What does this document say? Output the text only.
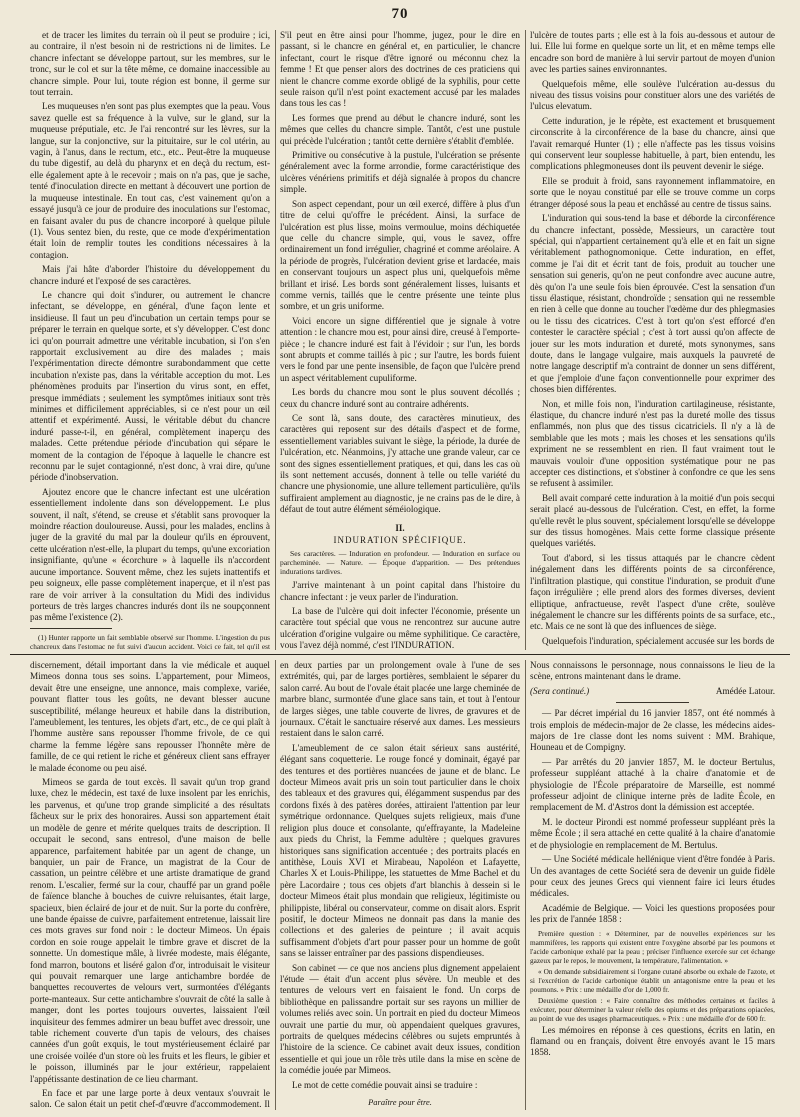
70

et de tracer les limites du terrain où il peut se produire ; ici, au contraire, il n'est besoin ni de restrictions ni de limites. Le chancre infectant se développe partout, sur les membres, sur le tronc, sur le col et sur la tête même, ce domaine inaccessible au chancre simple. Pour lui, toute région est bonne, il germe sur tout terrain.

Les muqueuses n'en sont pas plus exemptes que la peau. Vous savez quelle est sa fréquence à la vulve, sur le gland, sur la muqueuse préputiale, etc. Je l'ai rencontré sur les lèvres, sur la langue, sur la conjonctive, sur la pituitaire, sur le col utérin, au vagin, à l'anus, dans le rectum, etc., etc.. Peut-être la muqueuse du tube digestif, au delà du pharynx et en deçà du rectum, est-elle également apte à le recevoir ; mais on n'a pas, que je sache, tenté d'inoculation directe en mettant à découvert une portion de la muqueuse intestinale. En tout cas, c'est vainement qu'on a essayé jusqu'à ce jour de produire des inoculations sur l'estomac, en faisant avaler du pus de chancre incorporé à quelque pilule (1). Vous sentez bien, du reste, que ce mode d'expérimentation était loin de remplir toutes les conditions nécessaires à la contagion.

Mais j'ai hâte d'aborder l'histoire du développement du chancre induré et l'exposé de ses caractères.

Le chancre qui doit s'indurer, ou autrement le chancre infectant, se développe, en général, d'une façon lente et insidieuse. Il faut un peu d'incubation un certain temps pour se préparer le terrain en quelque sorte, et s'y développer. C'est donc ici qu'on pourrait admettre une véritable incubation, si l'on s'en rapportait exclusivement au dire des malades ; mais l'expérimentation directe démontre surabondamment que cette incubation n'existe pas, dans la véritable acception du mot. Les phénomènes produits par l'insertion du virus sont, en effet, presque immédiats ; seulement les symptômes initiaux sont très minimes et difficilement appréciables, si ce n'est pour un œil attentif et expérimenté. Aussi, le véritable début du chancre induré passe-t-il, en général, complètement inaperçu des malades. Cette prétendue période d'incubation qui sépare le moment de la contagion de l'époque à laquelle le chancre est reconnu par le sujet contagionné, n'est donc, à vrai dire, qu'une période d'inobservation.

Ajoutez encore que le chancre infectant est une ulcération essentiellement indolente dans son développement. Le plus souvent, il naît, s'étend, se creuse et s'établit sans provoquer la moindre réaction douloureuse. Aussi, pour les malades, enclins à juger de la gravité du mal par la douleur qu'ils en éprouvent, cette ulcération n'est-elle, la plupart du temps, qu'une excoriation insignifiante, qu'une « écorchure » à laquelle ils n'accordent aucune importance. Souvent même, chez les sujets inattentifs et peu soigneux, elle passe complètement inaperçue, et il n'est pas rare de voir arriver à la consultation du Midi des individus porteurs de très larges chancres indurés dont ils ne soupçonnent pas même l'existence (2).

(1) Hunter rapporte un fait semblable observé sur l'homme. L'ingestion du pus chancreux dans l'estomac ne fut suivi d'aucun accident. Voici ce fait, tel qu'il est

S'il peut en être ainsi pour l'homme, jugez, pour le dire en passant, si le chancre en général et, en particulier, le chancre infectant, court le risque d'être ignoré ou méconnu chez la femme ! Et que penser alors des doctrines de ces praticiens qui nient le chancre comme exorde obligé de la syphilis, pour cette seule raison qu'il n'est point exactement accusé par les malades dans tous les cas !

Les formes que prend au début le chancre induré, sont les mêmes que celles du chancre simple. Tantôt, c'est une pustule qui précède l'ulcération ; tantôt cette dernière s'établit d'emblée.

Primitive ou consécutive à la pustule, l'ulcération se présente généralement avec la forme arrondie, forme caractéristique des ulcères vénériens primitifs et déjà signalée à propos du chancre simple.

Son aspect cependant, pour un œil exercé, diffère à plus d'un titre de celui qu'offre le précédent. Ainsi, la surface de l'ulcération est plus lisse, moins vermoulue, moins déchiquetée que celle du chancre simple, qui, vous le savez, offre ordinairement un fond irrégulier, chagriné et comme aréolaire. A la période de progrès, l'ulcération devient grise et lardacée, mais en conservant toujours un aspect plus uni, quelquefois même brillant et irisé. Les bords sont généralement lisses, luisants et comme vernis, taillés que le centre présente une teinte plus sombre, et un gris uniforme.

Voici encore un signe différentiel que je signale à votre attention : le chancre mou est, pour ainsi dire, creusé à l'emporte-pièce ; le chancre induré est fait à l'évidoir ; sur l'un, les bords sont abrupts et comme taillés à pic ; sur l'autre, les bords fuient vers le fond par une pente insensible, de façon que l'ulcère prend un aspect véritablement cupuliforme.

Les bords du chancre mou sont le plus souvent décollés ; ceux du chancre induré sont au contraire adhérents.

Ce sont là, sans doute, des caractères minutieux, des caractères qui reposent sur des détails d'aspect et de forme, essentiellement variables suivant le siège, la période, la durée de l'ulcération, etc. Néanmoins, j'y attache une grande valeur, car ce sont des signes essentiellement pratiques, et qui, dans les cas où ils sont nettement accusés, donnent à telle ou telle variété du chancre une physionomie, une allure tellement particulière, qu'ils suffiraient amplement au diagnostic, je ne crains pas de le dire, à défaut de tout autre élément séméiologique.

II.
INDURATION SPÉCIFIQUE.

Ses caractères. — Induration en profondeur. — Induration en surface ou parcheminée. — Nature. — Époque d'apparition. — Des prétendues indurations tardives.

J'arrive maintenant à un point capital dans l'histoire du chancre infectant : je veux parler de l'induration.

La base de l'ulcère qui doit infecter l'économie, présente un caractère tout spécial que vous ne rencontrez sur aucune autre ulcération d'origine vulgaire ou même syphilitique. Ce caractère, vous l'avez déjà nommé, c'est l'INDURATION.

l'ulcère de toutes parts ; elle est à la fois au-dessous et autour de lui. Elle lui forme en quelque sorte un lit, et en même temps elle encadre son bord de manière à lui servir partout de moyen d'union avec les parties saines environnantes.

Quelquefois même, elle soulève l'ulcération au-dessus du niveau des tissus voisins pour constituer alors une des variétés de l'ulcus elevatum.

Cette induration, je le répète, est exactement et brusquement circonscrite à la circonférence de la base du chancre, ainsi que l'avait remarqué Hunter (1) ; elle n'affecte pas les tissus voisins qui conservent leur souplesse habituelle, à part, bien entendu, les complications phlegmoneuses dont ils peuvent devenir le siége.

Elle se produit à froid, sans rayonnement inflammatoire, en sorte que le noyau constitué par elle se trouve comme un corps étranger déposé sous la peau et enchâssé au centre de tissus sains.

L'induration qui sous-tend la base et déborde la circonférence du chancre infectant, possède, Messieurs, un caractère tout spécial, qui n'appartient certainement qu'à elle et en fait un signe véritablement pathognomonique. Cette induration, en effet, comme je l'ai dit et écrit tant de fois, produit au toucher une sensation sui generis, qu'on ne peut confondre avec aucune autre, dès qu'on l'a une seule fois bien éprouvée. C'est la sensation d'un tissu élastique, résistant, chondroïde ; sensation qui ne ressemble en rien à celle que donne au toucher l'œdème dur des phlegmasies ou le tissu des cicatrices. C'est à tort qu'on s'est efforcé d'en contester le caractère spécial ; c'est à tort aussi qu'on affecte de jouer sur les mots induration et dureté, mots synonymes, sans doute, dans le langage vulgaire, mais auxquels la pauvreté de notre langage descriptif m'a contraint de donner un sens différent, et que j'emploie d'une façon conventionnelle pour exprimer des choses bien différentes.

Non, et mille fois non, l'induration cartilagineuse, résistante, élastique, du chancre induré n'est pas la dureté molle des tissus enflammés, non plus que des tissus cicatriciels. Il n'y a là de semblable que les mots ; mais les choses et les sensations qu'ils expriment ne se ressemblent en rien. Il faut vraiment tout le mauvais vouloir d'une opposition systématique pour ne pas accepter ces distinctions, et s'obstiner à confondre ce que les sens se refusent à assimiler.

Bell avait comparé cette induration à la moitié d'un pois secqui serait placé au-dessous de l'ulcération. C'est, en effet, la forme qu'elle revêt le plus souvent, spécialement lorsqu'elle se développe sur des tissus homogènes. Mais cette forme classique présente quelques variétés.

Tout d'abord, si les tissus attaqués par le chancre cèdent inégalement dans les différents points de sa circonférence, l'infiltration plastique, qui constitue l'induration, se produit d'une façon irrégulière ; elle prend alors des formes diverses, devient elliptique, anfractueuse, revêt l'aspect d'une crête, soulève inégalement le chancre sur les différents points de sa surface, etc., etc. Mais ce ne sont là que des influences de siège.

Quelquefois l'induration, spécialement accusée sur les bords de

discernement, détail important dans la vie médicale et auquel Mimeos donna tous ses soins. L'appartement, pour Mimeos, devait être une enseigne, une annonce, mais complexe, variée, pouvant flatter tous les goûts, ne devant blesser aucune susceptibilité, mélange heureux et habile dans la distribution, l'ameublement, les tentures, les objets d'art, etc., de ce qui plaît à l'homme austère sans repousser l'homme frivole, de ce qui charme la femme légère sans repousser l'honnête mère de famille, de ce qui retient le riche et généreux client sans effrayer le malade économe ou peu aisé.

Mimeos se garda de tout excès. Il savait qu'un trop grand luxe, chez le médecin, est taxé de luxe insolent par les enrichis, les parvenus, et qu'une trop grande simplicité a des résultats fâcheux sur le prix des honoraires. Aussi son appartement était un modèle de genre et mérite quelques traits de description. Il occupait le second, sans entresol, d'une maison de belle apparence, parfaitement habitée par un agent de change, un banquier, un pair de France, un magistrat de la Cour de cassation, un peintre célèbre et une artiste dramatique de grand renom. L'escalier, fermé sur la cour, chauffé par un grand poêle de faïence blanche à bouches de cuivre reluisantes, était large, spacieux, bien éclairé de jour et de nuit. Sur la porte du confrère, une bande épaisse de cuivre, parfaitement entretenue, laissait lire ces mots graves sur fond noir : le docteur Mimeos. Un épais cordon en soie rouge appelait le timbre grave et discret de la sonnette. Un domestique mâle, à livrée modeste, mais élégante, fond marron, boutons et liséré galon d'or, introduisait le visiteur qui pouvait remarquer une large antichambre bordée de banquettes recouvertes de velours vert, surmontées d'élégants porte-manteaux. Sur cette antichambre s'ouvrait de côté la salle à manger, dont les portes toujours ouvertes, laissaient l'œil inquisiteur des femmes admirer un beau buffet avec dressoir, une table richement couverte d'un tapis de velours, des chaises cannées d'un goût exquis, le tout mystérieusement éclairé par une croisée voilée d'un store où les fruits et les fleurs, le gibier et le poisson, illuminés par le jour extérieur, rappelaient l'appétissante destination de ce lieu charmant.

En face et par une large porte à deux ventaux s'ouvrait le salon. Ce salon était un petit chef-d'œuvre d'accommodement. Il

en deux parties par un prolongement ovale à l'une de ses extrémités, qui, par de larges portières, semblaient le séparer du salon carré. Au bout de l'ovale était placée une large cheminée de marbre blanc, surmontée d'une glace sans tain, et tout à l'entour de larges sièges, une table couverte de livres, de gravures et de journaux. C'était le sanctuaire réservé aux dames. Les messieurs restaient dans le salon carré.

L'ameublement de ce salon était sérieux sans austérité, élégant sans coquetterie. Le rouge foncé y dominait, égayé par des tentures et des portières nuancées de jaune et de blanc. Le docteur Mimeos avait pris un soin tout particulier dans le choix des tableaux et des gravures qui, élégamment suspendus par des cordons fixés à des patères dorées, attiraient l'attention par leur symétrique ordonnance. Quelques sujets religieux, mais d'une religion plus douce et consolante, qu'effrayante, la Madeleine aux pieds du Christ, la Femme adultère ; quelques gravures historiques sans signification accentuée ; des portraits placés en antithèse, Louis XVI et Mirabeau, Napoléon et Lafayette, Charles X et Louis-Philippe, les statuettes de Mme Bachel et du père Lacordaire ; tous ces objets d'art blanchis à dessein si le docteur Mimeos était plus mondain que religieux, légitimiste ou philippiste, libéral ou conservateur, comme on disait alors. Esprit positif, le docteur Mimeos ne donnait pas dans la manie des collections et des galeries de peinture ; il avait acquis suffisamment d'objets d'art pour passer pour un homme de goût sans se laisser entraîner par des passions dispendieuses.

Son cabinet — ce que nos anciens plus dignement appelaient l'étude — était d'un accent plus sévère. Un meuble et des tentures de velours vert en faisaient le fond. Un corps de bibliothèque en palissandre portait sur ses rayons un millier de volumes reliés avec soin. Un portrait en pied du docteur Mimeos ouvrait une partie du mur, où appendaient quelques gravures, portraits de quelques médecins célèbres ou sujets empruntés à l'histoire de la science. Ce cabinet avait deux issues, condition essentielle et qui joue un rôle très utile dans la mise en scène de la comédie jouée par Mimeos.

Le mot de cette comédie pouvait ainsi se traduire :

Paraître pour être.

Nous connaissons le personnage, nous connaissons le lieu de la scène, entrons maintenant dans le drame.

(Sera continué.)	Amédée Latour.

— Par décret impérial du 16 janvier 1857, ont été nommés à trois emplois de médecin-major de 2e classe, les médecins aides-majors de 1re classe dont les noms suivent : MM. Brahique, Houneau et de Compigny.

— Par arrêtés du 20 janvier 1857, M. le docteur Bertulus, professeur suppléant attaché à la chaire d'anatomie et de physiologie de l'École préparatoire de Marseille, est nommé professeur adjoint de clinique interne près de ladite École, en remplacement de M. d'Astros dont la démission est acceptée.

M. le docteur Pirondi est nommé professeur suppléant près la même École ; il sera attaché en cette qualité à la chaire d'anatomie et de physiologie en remplacement de M. Bertulus.

— Une Société médicale hellénique vient d'être fondée à Paris. Un des avantages de cette Société sera de devenir un guide fidèle pour ceux des jeunes Grecs qui viennent faire ici leurs études médicales.

Académie de Belgique. — Voici les questions proposées pour les prix de l'année 1858 :

Première question : « Déterminer, par de nouvelles expériences sur les mammifères, les rapports qui existent entre l'oxygène absorbé par les poumons et l'acide carbonique exhalé par la peau ; préciser l'influence exercée sur cet échange gazeux par le repos, le mouvement, la température, l'alimentation. »

« On demande subsidiairement si l'organe cutané absorbe ou exhale de l'azote, et si l'excrétion de l'acide carbonique établit un antagonisme entre la peau et les poumons. » Prix : une médaille d'or de 1,000 fr.

Deuxième question : « Faire connaître des méthodes certaines et faciles à exécuter, pour déterminer la valeur réelle des opiums et des préparations opiacées, au point de vue des usages pharmaceutiques. » Prix : une médaille d'or de 600 fr.

Les mémoires en réponse à ces questions, écrits en latin, en flamand ou en français, doivent être envoyés avant le 15 mars 1858.
